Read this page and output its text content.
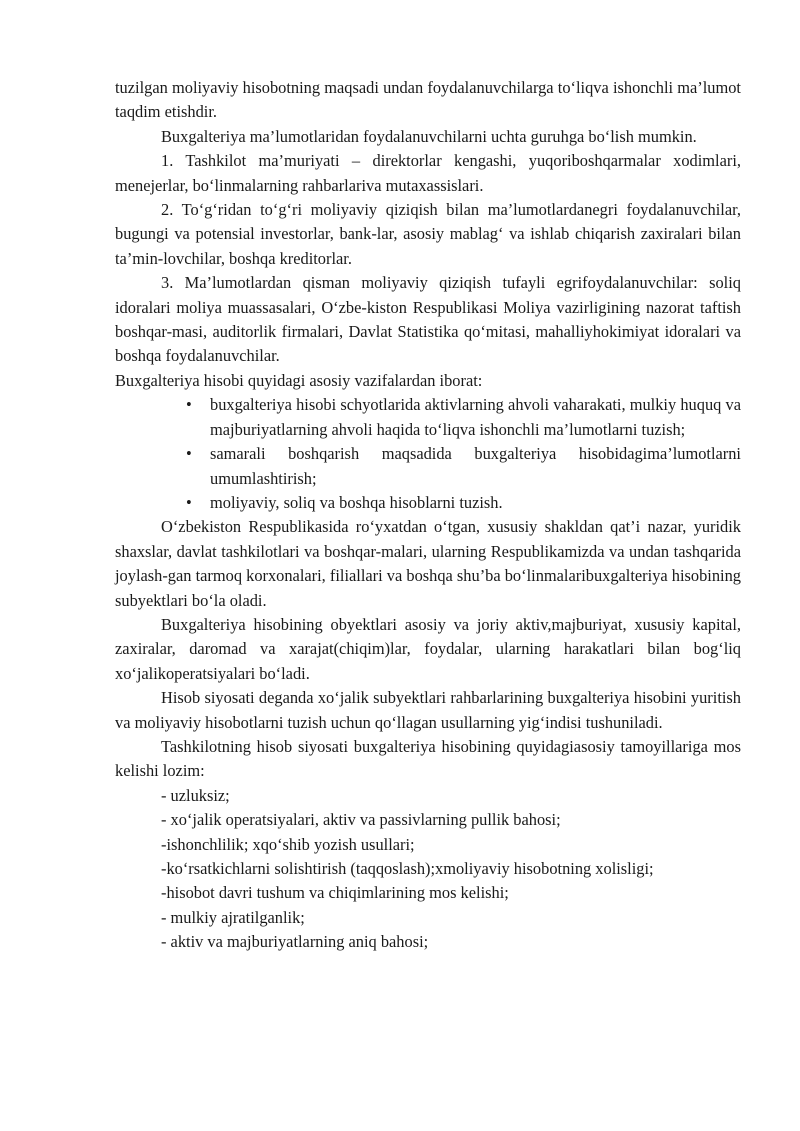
tuzilgan moliyaviy hisobotning maqsadi undan foydalanuvchilarga to‘liqva ishonchli ma’lumot taqdim etishdir.

Buxgalteriya ma’lumotlaridan foydalanuvchilarni uchta guruhga bo‘lish mumkin.

1. Tashkilot ma’muriyati – direktorlar kengashi, yuqoriboshqarmalar xodimlari, menejerlar, bo‘linmalarning rahbarlariva mutaxassislari.

2. To‘g‘ridan to‘g‘ri moliyaviy qiziqish bilan ma’lumotlardanegri foydalanuvchilar, bugungi va potensial investorlar, bank-lar, asosiy mablag‘ va ishlab chiqarish zaxiralari bilan ta’min-lovchilar, boshqa kreditorlar.

3. Ma’lumotlardan qisman moliyaviy qiziqish tufayli egrifoydalanuvchilar: soliq idoralari moliya muassasalari, O‘zbe-kiston Respublikasi Moliya vazirligining nazorat taftish boshqar-masi, auditorlik firmalari, Davlat Statistika qo‘mitasi, mahalliyhokimiyat idoralari va boshqa foydalanuvchilar.

Buxgalteriya hisobi quyidagi asosiy vazifalardan iborat:

• buxgalteriya hisobi schyotlarida aktivlarning ahvoli vaharakati, mulkiy huquq va majburiyatlarning ahvoli haqida to‘liqva ishonchli ma’lumotlarni tuzish;
• samarali boshqarish maqsadida buxgalteriya hisobidagima’lumotlarni umumlashtirish;
• moliyaviy, soliq va boshqa hisoblarni tuzish.

O‘zbekiston Respublikasida ro‘yxatdan o‘tgan, xususiy shakldan qat’i nazar, yuridik shaxslar, davlat tashkilotlari va boshqar-malari, ularning Respublikamizda va undan tashqarida joylash-gan tarmoq korxonalari, filiallari va boshqa shu’ba bo‘linmalaribuxgalteriya hisobining subyektlari bo‘la oladi.

Buxgalteriya hisobining obyektlari asosiy va joriy aktiv,majburiyat, xususiy kapital, zaxiralar, daromad va xarajat(chiqim)lar, foydalar, ularning harakatlari bilan bog‘liq xo‘jalikoperatsiyalari bo‘ladi.

Hisob siyosati deganda xo‘jalik subyektlari rahbarlarining buxgalteriya hisobini yuritish va moliyaviy hisobotlarni tuzish uchun qo‘llagan usullarning yig‘indisi tushuniladi.

Tashkilotning hisob siyosati buxgalteriya hisobining quyidagiasosiy tamoyillariga mos kelishi lozim:

- uzluksiz;

- xo‘jalik operatsiyalari, aktiv va passivlarning pullik bahosi;

-ishonchlilik; xqo‘shib yozish usullari;

-ko‘rsatkichlarni solishtirish (taqqoslash);xmoliyaviy hisobotning xolisligi;

-hisobot davri tushum va chiqimlarining mos kelishi;

- mulkiy ajratilganlik;

- aktiv va majburiyatlarning aniq bahosi;
